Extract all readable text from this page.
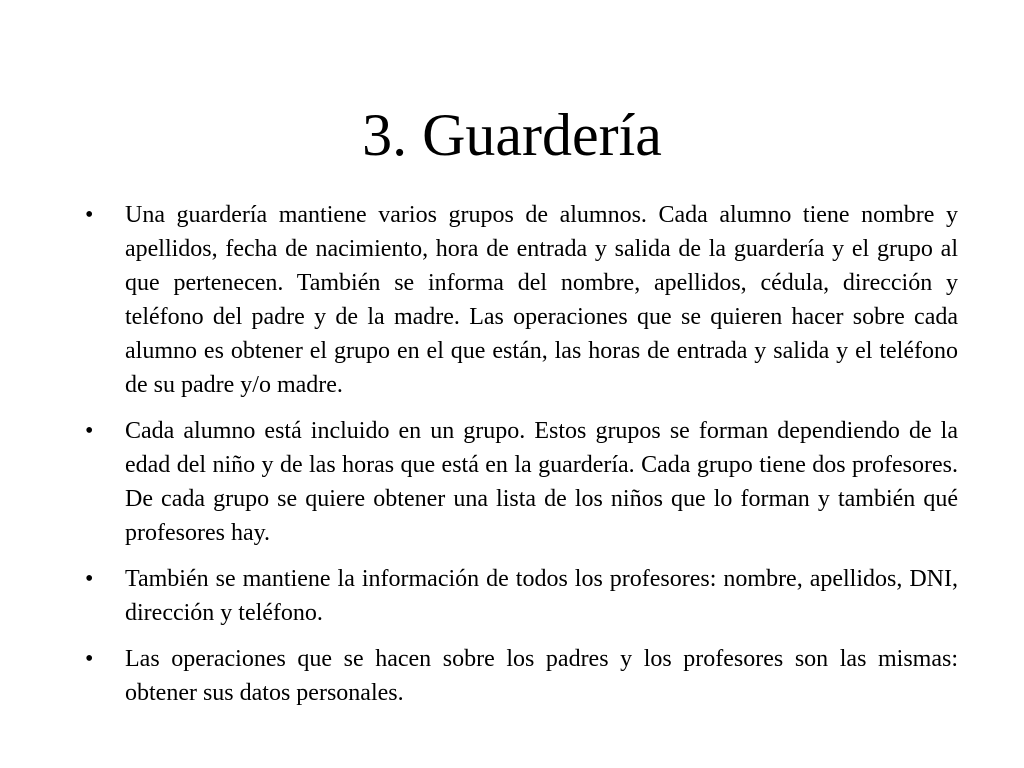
3. Guardería
•	Una guardería mantiene varios grupos de alumnos. Cada alumno tiene nombre y apellidos, fecha de nacimiento, hora de entrada y salida de la guardería y el grupo al que pertenecen. También se informa del nombre, apellidos, cédula, dirección y teléfono del padre y de la madre. Las operaciones que se quieren hacer sobre cada alumno es obtener el grupo en el que están, las horas de entrada y salida y el teléfono de su padre y/o madre.
•	Cada alumno está incluido en un grupo. Estos grupos se forman dependiendo de la edad del niño y de las horas que está en la guardería. Cada grupo tiene dos profesores. De cada grupo se quiere obtener una lista de los niños que lo forman y también qué profesores hay.
•	También se mantiene la información de todos los profesores: nombre, apellidos, DNI, dirección y teléfono.
•	Las operaciones que se hacen sobre los padres y los profesores son las mismas: obtener sus datos personales.
